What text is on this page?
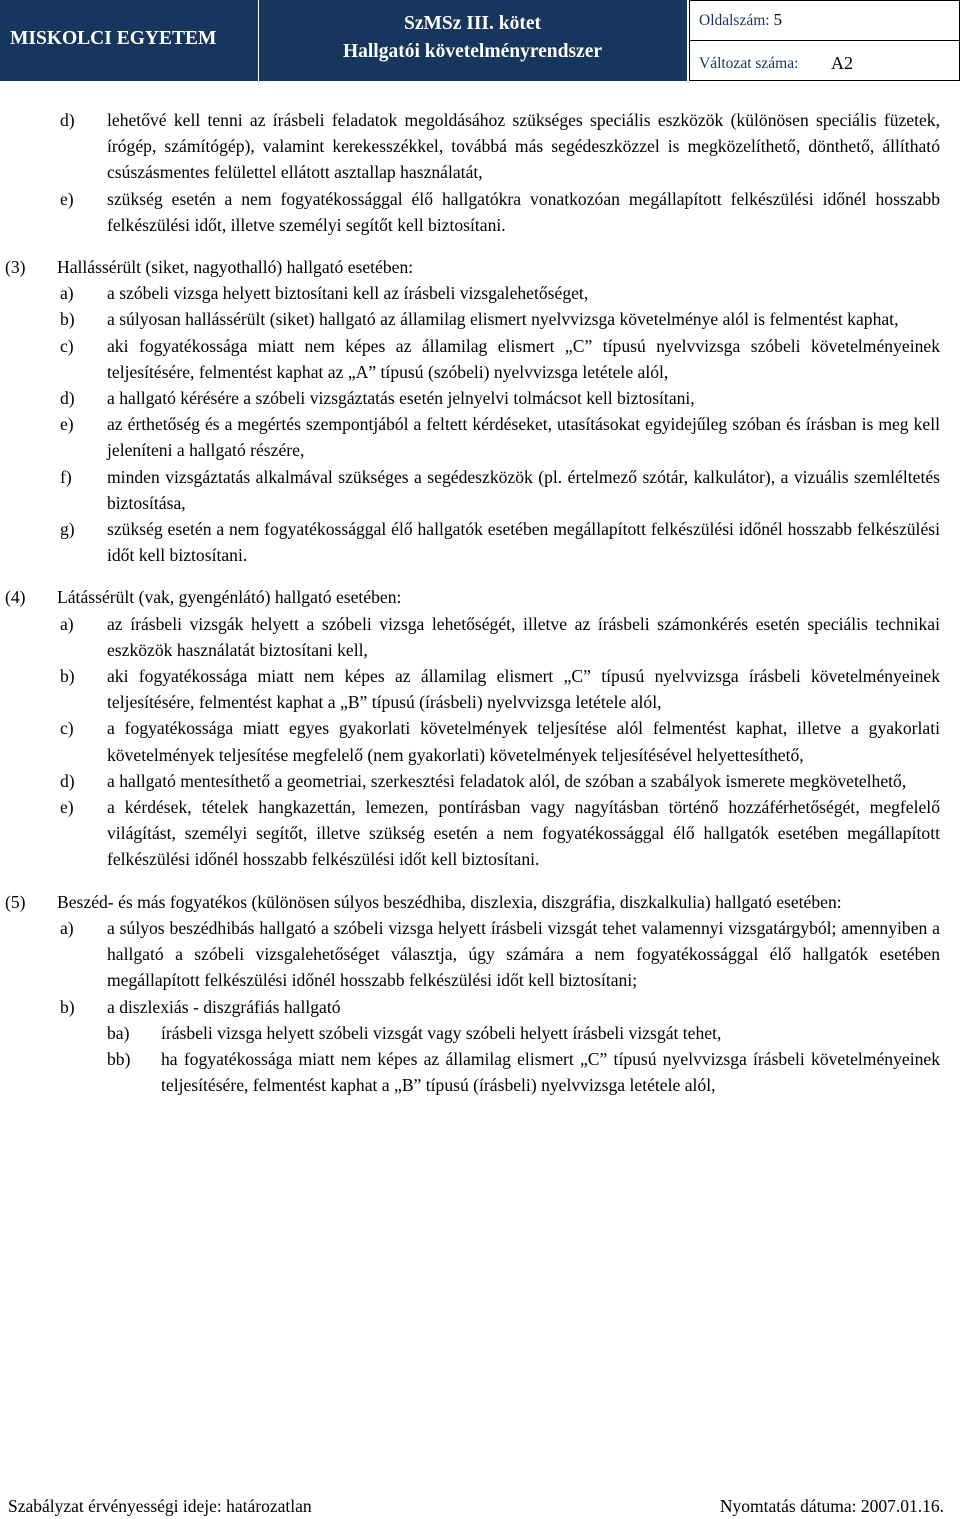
MISKOLCI EGYETEM
SzMSz III. kötet
Hallgatói követelményrendszer
Oldalszám: 5
Változat száma: A2
d) lehetővé kell tenni az írásbeli feladatok megoldásához szükséges speciális eszközök (különösen speciális füzetek, írógép, számítógép), valamint kerekesszékkel, továbbá más segédeszközzel is megközelíthető, dönthető, állítható csúszásmentes felülettel ellátott asztallap használatát,
e) szükség esetén a nem fogyatékossággal élő hallgatókra vonatkozóan megállapított felkészülési időnél hosszabb felkészülési időt, illetve személyi segítőt kell biztosítani.
(3) Hallássérült (siket, nagyothalló) hallgató esetében:
a) a szóbeli vizsga helyett biztosítani kell az írásbeli vizsgalehetőséget,
b) a súlyosan hallássérült (siket) hallgató az államilag elismert nyelvvizsga követelménye alól is felmentést kaphat,
c) aki fogyatékossága miatt nem képes az államilag elismert „C” típusú nyelvvizsga szóbeli követelményeinek teljesítésére, felmentést kaphat az „A” típusú (szóbeli) nyelvvizsga letétele alól,
d) a hallgató kérésére a szóbeli vizsgáztatás esetén jelnyelvi tolmácsot kell biztosítani,
e) az érthetőség és a megértés szempontjából a feltett kérdéseket, utasításokat egyidejűleg szóban és írásban is meg kell jeleníteni a hallgató részére,
f) minden vizsgáztatás alkalmával szükséges a segédeszközök (pl. értelmező szótár, kalkulátor), a vizuális szemléltetés biztosítása,
g) szükség esetén a nem fogyatékossággal élő hallgatók esetében megállapított felkészülési időnél hosszabb felkészülési időt kell biztosítani.
(4) Látássérült (vak, gyengénlátó) hallgató esetében:
a) az írásbeli vizsgák helyett a szóbeli vizsga lehetőségét, illetve az írásbeli számonkérés esetén speciális technikai eszközök használatát biztosítani kell,
b) aki fogyatékossága miatt nem képes az államilag elismert „C” típusú nyelvvizsga írásbeli követelményeinek teljesítésére, felmentést kaphat a „B” típusú (írásbeli) nyelvvizsga letétele alól,
c) a fogyatékossága miatt egyes gyakorlati követelmények teljesítése alól felmentést kaphat, illetve a gyakorlati követelmények teljesítése megfelelő (nem gyakorlati) követelmények teljesítésével helyettesíthető,
d) a hallgató mentesíthető a geometriai, szerkesztési feladatok alól, de szóban a szabályok ismerete megkövetelhető,
e) a kérdések, tételek hangkazettán, lemezen, pontírásban vagy nagyításban történő hozzáférhetőségét, megfelelő világítást, személyi segítőt, illetve szükség esetén a nem fogyatékossággal élő hallgatók esetében megállapított felkészülési időnél hosszabb felkészülési időt kell biztosítani.
(5) Beszéd- és más fogyatékos (különösen súlyos beszédhiba, diszlexia, diszgráfia, diszkalkulia) hallgató esetében:
a) a súlyos beszédhibás hallgató a szóbeli vizsga helyett írásbeli vizsgát tehet valamennyi vizsgatárgyból; amennyiben a hallgató a szóbeli vizsgalehetőséget választja, úgy számára a nem fogyatékossággal élő hallgatók esetében megállapított felkészülési időnél hosszabb felkészülési időt kell biztosítani;
b) a diszlexiás - diszgráfiás hallgató
ba) írásbeli vizsga helyett szóbeli vizsgát vagy szóbeli helyett írásbeli vizsgát tehet,
bb) ha fogyatékossága miatt nem képes az államilag elismert „C” típusú nyelvvizsga írásbeli követelményeinek teljesítésére, felmentést kaphat a „B” típusú (írásbeli) nyelvvizsga letétele alól,
Szabályzat érvényességi ideje: határozatlan	Nyomtatás dátuma: 2007.01.16.
